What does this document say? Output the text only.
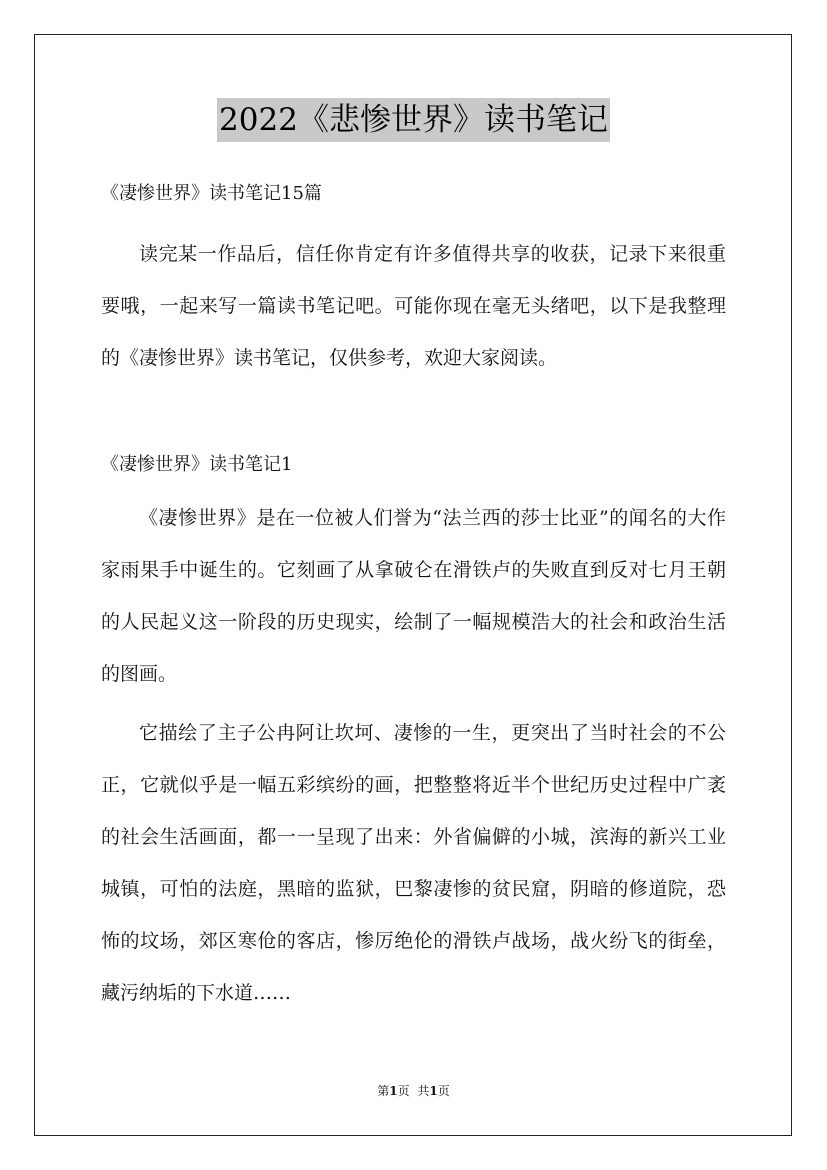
2022《悲惨世界》读书笔记
《凄惨世界》读书笔记15篇

读完某一作品后，信任你肯定有许多值得共享的收获，记录下来很重要哦，一起来写一篇读书笔记吧。可能你现在毫无头绪吧，以下是我整理的《凄惨世界》读书笔记，仅供参考，欢迎大家阅读。

《凄惨世界》读书笔记1

《凄惨世界》是在一位被人们誉为“法兰西的莎士比亚”的闻名的大作家雨果手中诞生的。它刻画了从拿破仑在滑铁卢的失败直到反对七月王朝的人民起义这一阶段的历史现实，绘制了一幅规模浩大的社会和政治生活的图画。

它描绘了主子公冉阿让坎坷、凄惨的一生，更突出了当时社会的不公正，它就似乎是一幅五彩缤纷的画，把整整将近半个世纪历史过程中广袤的社会生活画面，都一一呈现了出来：外省偏僻的小城，滨海的新兴工业城镇，可怕的法庭，黑暗的监狱，巴黎凄惨的贫民窟，阴暗的修道院，恐怖的坟场，郊区寒伧的客店，惨厉绝伦的滑铁卢战场，战火纷飞的街垒，藏污纳垢的下水道……

第1页 共1页
